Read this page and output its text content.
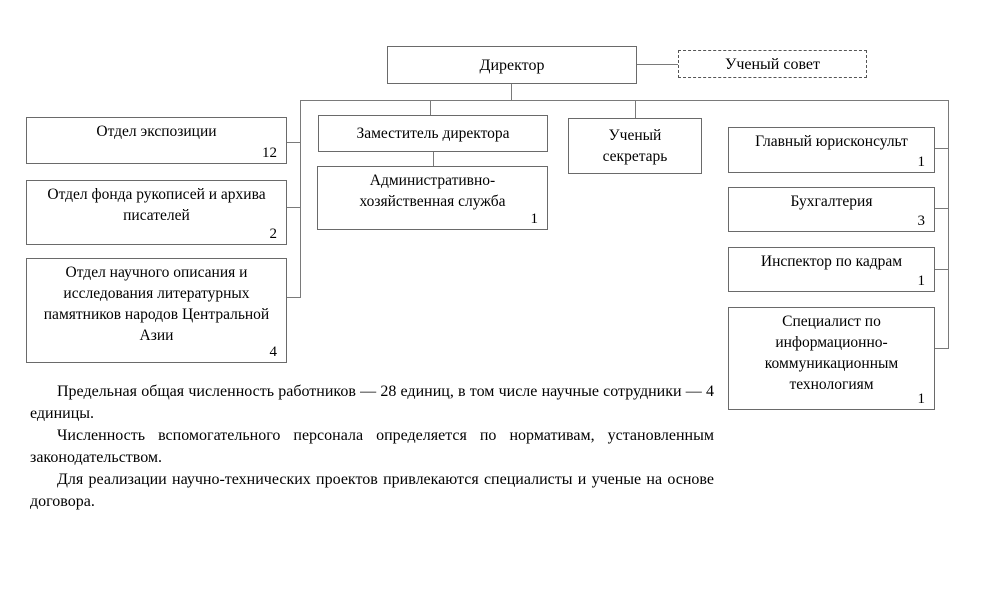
Директор	Ученый совет
Отдел экспозиции
12
Отдел фонда рукописей и архива писателей
2
Отдел научного описания и исследования литературных памятников народов Центральной Азии
4
Заместитель директора
Административно-хозяйственная служба
1
Ученый секретарь
Главный юрисконсульт
1
Бухгалтерия
3
Инспектор по кадрам
1
Специалист по информационно-коммуникационным технологиям
1

Предельная общая численность работников — 28 единиц, в том числе научные сотрудники — 4 единицы.

Численность вспомогательного персонала определяется по нормативам, установленным законодательством.

Для реализации научно-технических проектов привлекаются специалисты и ученые на основе договора.
